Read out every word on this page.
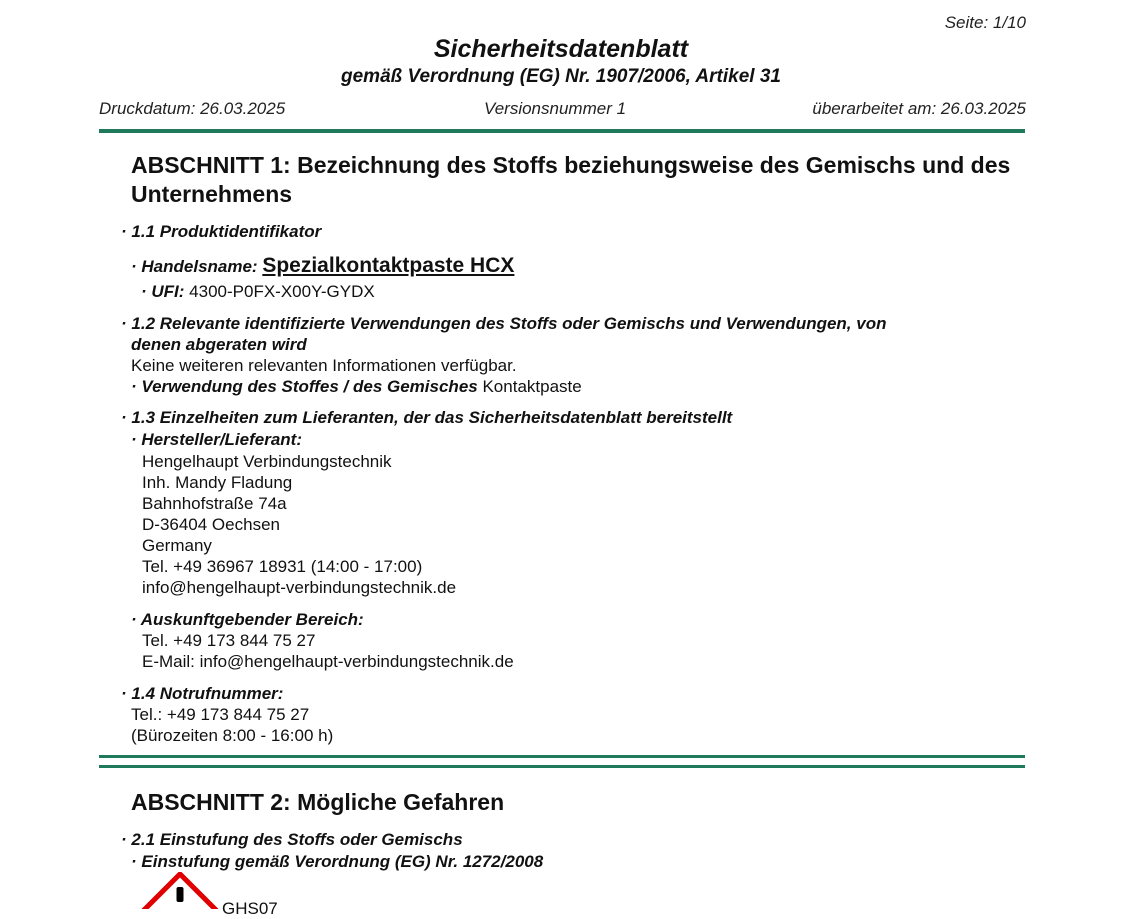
Seite: 1/10
Sicherheitsdatenblatt
gemäß Verordnung (EG) Nr. 1907/2006, Artikel 31
Druckdatum: 26.03.2025	Versionsnummer 1	überarbeitet am: 26.03.2025
ABSCHNITT 1: Bezeichnung des Stoffs beziehungsweise des Gemischs und des Unternehmens
· 1.1 Produktidentifikator
· Handelsname: Spezialkontaktpaste HCX
· UFI: 4300-P0FX-X00Y-GYDX
· 1.2 Relevante identifizierte Verwendungen des Stoffs oder Gemischs und Verwendungen, von
denen abgeraten wird
Keine weiteren relevanten Informationen verfügbar.
· Verwendung des Stoffes / des Gemisches Kontaktpaste
· 1.3 Einzelheiten zum Lieferanten, der das Sicherheitsdatenblatt bereitstellt
· Hersteller/Lieferant:
Hengelhaupt Verbindungstechnik
Inh. Mandy Fladung
Bahnhofstraße 74a
D-36404 Oechsen
Germany
Tel. +49 36967 18931 (14:00 - 17:00)
info@hengelhaupt-verbindungstechnik.de
· Auskunftgebender Bereich:
Tel. +49 173 844 75 27
E-Mail: info@hengelhaupt-verbindungstechnik.de
· 1.4 Notrufnummer:
Tel.: +49 173 844 75 27
(Bürozeiten 8:00 - 16:00 h)
ABSCHNITT 2: Mögliche Gefahren
· 2.1 Einstufung des Stoffs oder Gemischs
· Einstufung gemäß Verordnung (EG) Nr. 1272/2008
GHS07
